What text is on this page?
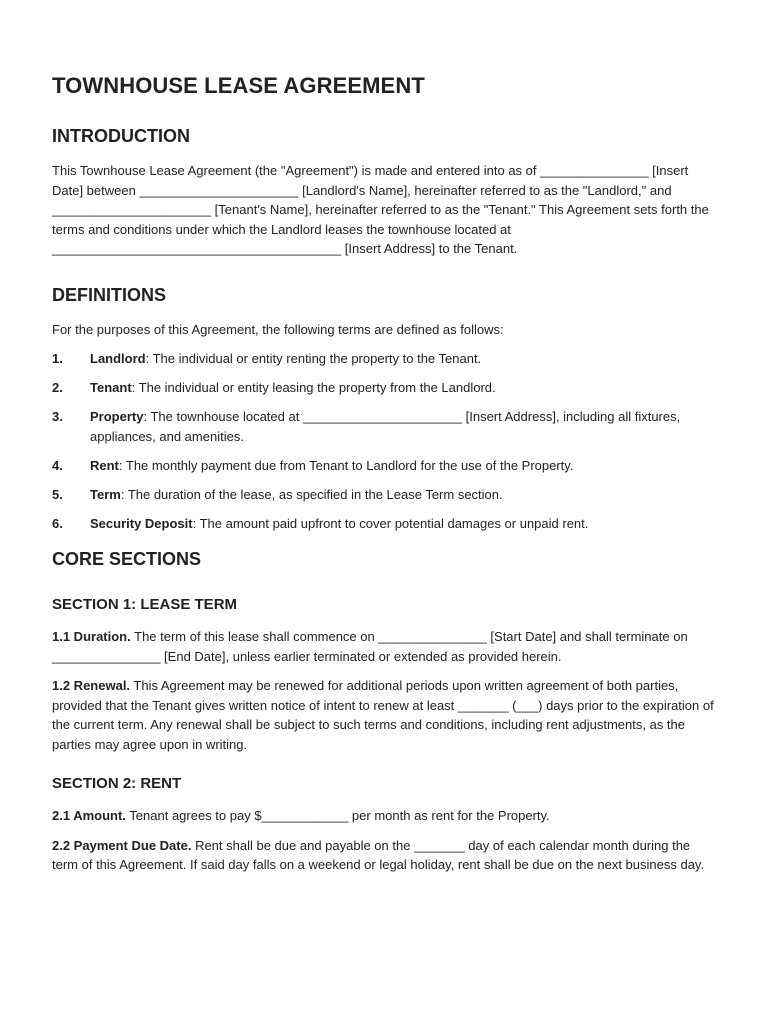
TOWNHOUSE LEASE AGREEMENT
INTRODUCTION

This Townhouse Lease Agreement (the "Agreement") is made and entered into as of _______________ [Insert Date] between ______________________ [Landlord's Name], hereinafter referred to as the "Landlord," and ______________________ [Tenant's Name], hereinafter referred to as the "Tenant." This Agreement sets forth the terms and conditions under which the Landlord leases the townhouse located at ________________________________________ [Insert Address] to the Tenant.

DEFINITIONS

For the purposes of this Agreement, the following terms are defined as follows:

1.	Landlord: The individual or entity renting the property to the Tenant.
2.	Tenant: The individual or entity leasing the property from the Landlord.
3.	Property: The townhouse located at ______________________ [Insert Address], including all fixtures, appliances, and amenities.
4.	Rent: The monthly payment due from Tenant to Landlord for the use of the Property.
5.	Term: The duration of the lease, as specified in the Lease Term section.
6.	Security Deposit: The amount paid upfront to cover potential damages or unpaid rent.
CORE SECTIONS
SECTION 1: LEASE TERM

1.1 Duration. The term of this lease shall commence on _______________ [Start Date] and shall terminate on _______________ [End Date], unless earlier terminated or extended as provided herein.

1.2 Renewal. This Agreement may be renewed for additional periods upon written agreement of both parties, provided that the Tenant gives written notice of intent to renew at least _______ (___) days prior to the expiration of the current term. Any renewal shall be subject to such terms and conditions, including rent adjustments, as the parties may agree upon in writing.

SECTION 2: RENT

2.1 Amount. Tenant agrees to pay $____________ per month as rent for the Property.

2.2 Payment Due Date. Rent shall be due and payable on the _______ day of each calendar month during the term of this Agreement. If said day falls on a weekend or legal holiday, rent shall be due on the next business day.
